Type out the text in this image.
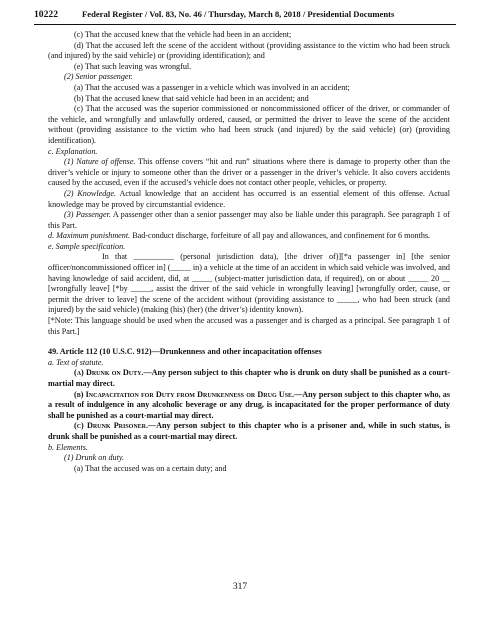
10222	Federal Register / Vol. 83, No. 46 / Thursday, March 8, 2018 / Presidential Documents

(c) That the accused knew that the vehicle had been in an accident;

(d) That the accused left the scene of the accident without (providing assistance to the victim who had been struck (and injured) by the said vehicle) or (providing identification); and

(e) That such leaving was wrongful.

(2) Senior passenger.

(a) That the accused was a passenger in a vehicle which was involved in an accident;

(b) That the accused knew that said vehicle had been in an accident; and

(c) That the accused was the superior commissioned or noncommissioned officer of the driver, or commander of the vehicle, and wrongfully and unlawfully ordered, caused, or permitted the driver to leave the scene of the accident without (providing assistance to the victim who had been struck (and injured) by the said vehicle) (or) (providing identification).

c. Explanation.

(1) Nature of offense. This offense covers “hit and run” situations where there is damage to property other than the driver’s vehicle or injury to someone other than the driver or a passenger in the driver’s vehicle. It also covers accidents caused by the accused, even if the accused’s vehicle does not contact other people, vehicles, or property.

(2) Knowledge. Actual knowledge that an accident has occurred is an essential element of this offense. Actual knowledge may be proved by circumstantial evidence.

(3) Passenger. A passenger other than a senior passenger may also be liable under this paragraph. See paragraph 1 of this Part.

d. Maximum punishment. Bad-conduct discharge, forfeiture of all pay and allowances, and confinement for 6 months.

e. Sample specification.

In that __________ (personal jurisdiction data), [the driver of)][*a passenger in] [the senior officer/noncommissioned officer in] (_____ in) a vehicle at the time of an accident in which said vehicle was involved, and having knowledge of said accident, did, at _____ (subject-matter jurisdiction data, if required), on or about _____ 20 __ [wrongfully leave] [*by _____, assist the driver of the said vehicle in wrongfully leaving] [wrongfully order, cause, or permit the driver to leave] the scene of the accident without (providing assistance to _____, who had been struck (and injured) by the said vehicle) (making (his) (her) (the driver’s) identity known).

[*Note: This language should be used when the accused was a passenger and is charged as a principal. See paragraph 1 of this Part.]

49. Article 112 (10 U.S.C. 912)—Drunkenness and other incapacitation offenses

a. Text of statute.

(a) Drunk on Duty.—Any person subject to this chapter who is drunk on duty shall be punished as a court-martial may direct.

(b) Incapacitation for Duty from Drunkenness or Drug Use.—Any person subject to this chapter who, as a result of indulgence in any alcoholic beverage or any drug, is incapacitated for the proper performance of duty shall be punished as a court-martial may direct.

(c) Drunk Prisoner.—Any person subject to this chapter who is a prisoner and, while in such status, is drunk shall be punished as a court-martial may direct.

b. Elements.

(1) Drunk on duty.

(a) That the accused was on a certain duty; and

317
